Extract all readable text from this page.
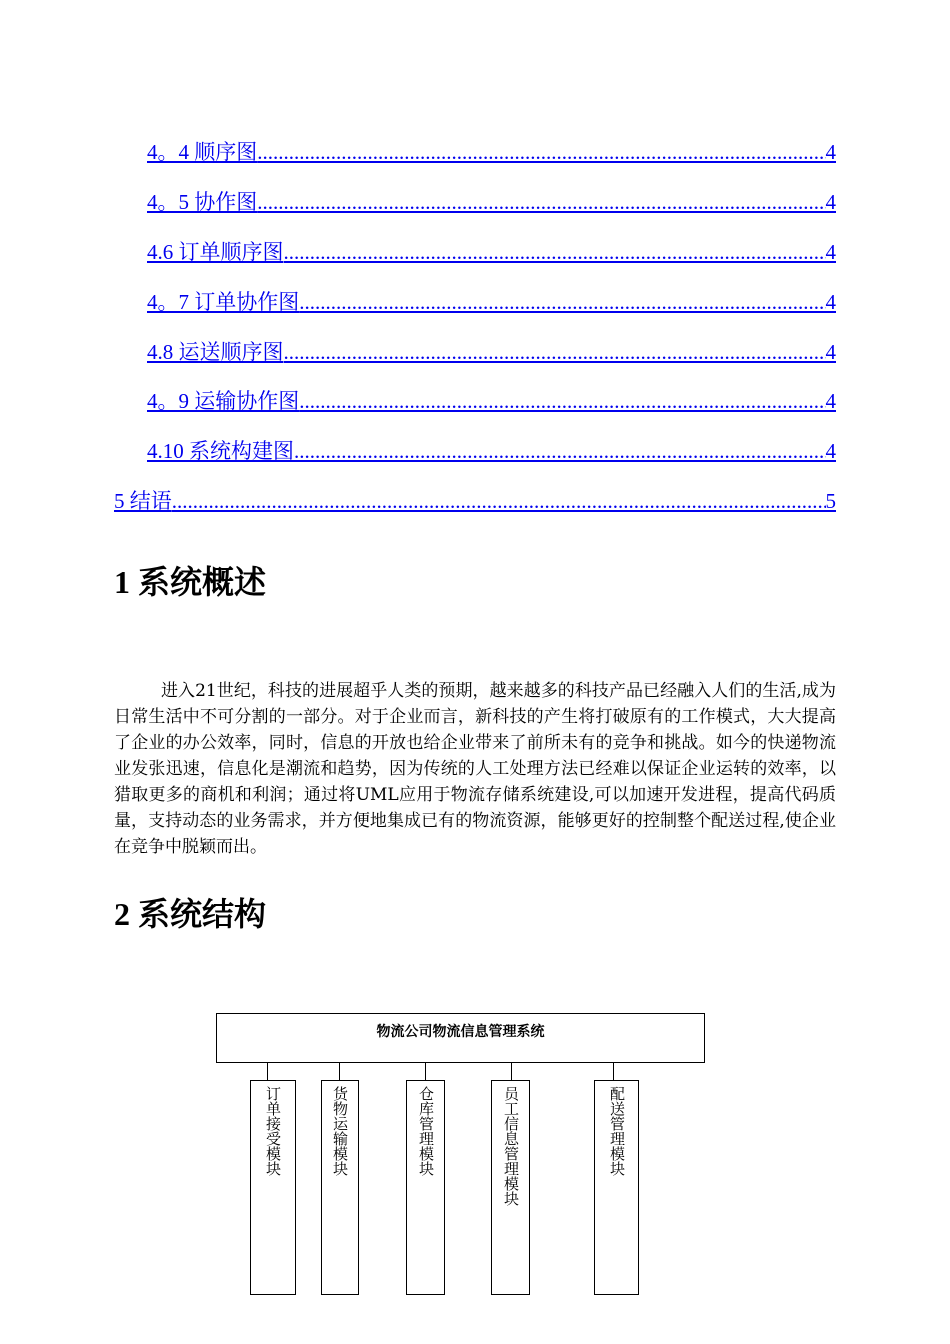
4。4 顺序图 .....	4
4。5 协作图 .....	4
4.6 订单顺序图 .....	4
4。7 订单协作图 .....	4
4.8 运送顺序图 .....	4
4。9 运输协作图 .....	4
4.10 系统构建图 .....	4
5 结语 .....	5
1 系统概述

进入21世纪，科技的进展超乎人类的预期，越来越多的科技产品已经融入人们的生活,成为日常生活中不可分割的一部分。对于企业而言，新科技的产生将打破原有的工作模式，大大提高了企业的办公效率，同时，信息的开放也给企业带来了前所未有的竞争和挑战。如今的快递物流业发张迅速，信息化是潮流和趋势，因为传统的人工处理方法已经难以保证企业运转的效率，以猎取更多的商机和利润；通过将UML应用于物流存储系统建设,可以加速开发进程，提高代码质量，支持动态的业务需求，并方便地集成已有的物流资源，能够更好的控制整个配送过程,使企业在竞争中脱颖而出。

2 系统结构
物流公司物流信息管理系统
订单接受模块	货物运输模块	仓库管理模块	员工信息管理模块	配送管理模块
